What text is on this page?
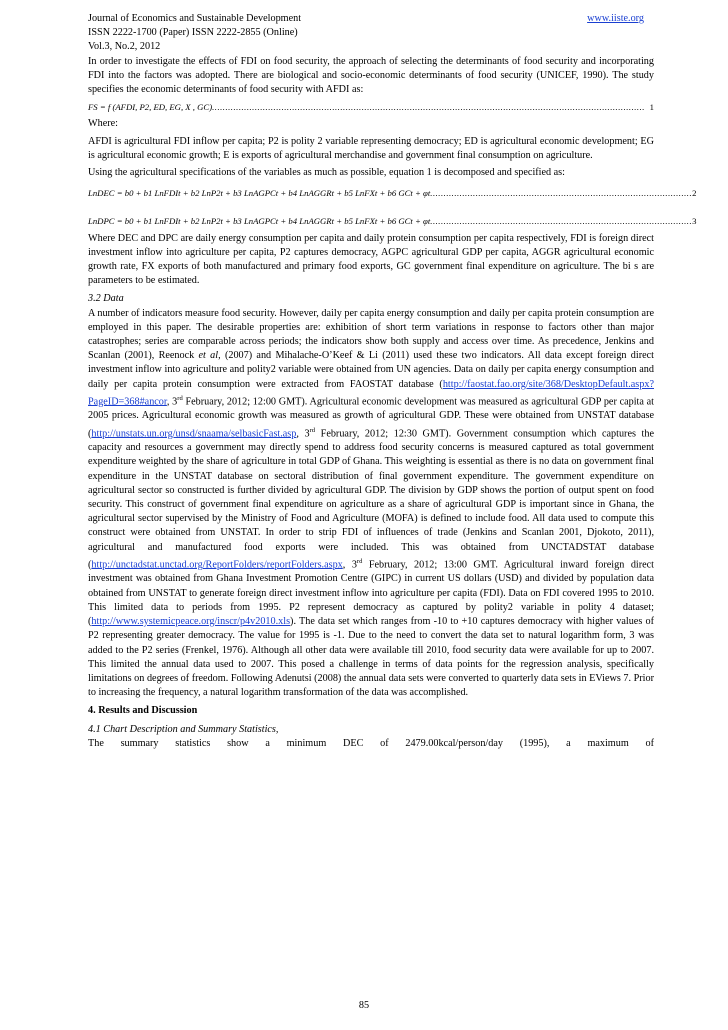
Journal of Economics and Sustainable Development	www.iiste.org
ISSN 2222-1700 (Paper) ISSN 2222-2855 (Online)
Vol.3, No.2, 2012

In order to investigate the effects of FDI on food security, the approach of selecting the determinants of food security and incorporating FDI into the factors was adopted. There are biological and socio-economic determinants of food security (UNICEF, 1990). The study specifies the economic determinants of food security with AFDI as:

FS = f (AFDI, P2, ED, EG, X , GC) .................................................................................................................................................................. 1
Where:

AFDI is agricultural FDI inflow per capita; P2 is polity 2 variable representing democracy; ED is agricultural economic development; EG is agricultural economic growth; E is exports of agricultural merchandise and government final consumption on agriculture.

Using the agricultural specifications of the variables as much as possible, equation 1 is decomposed and specified as:

LnDEC = b0 + b1 LnFDIt + b2 LnP2t + b3 LnAGPCt + b4 LnAGGRt + b5 LnFXt + b6 GCt + φt .................................................................................................. 2
LnDPC = b0 + b1 LnFDIt + b2 LnP2t + b3 LnAGPCt + b4 LnAGGRt + b5 LnFXt + b6 GCt + φt .................................................................................................. 3

Where DEC and DPC are daily energy consumption per capita and daily protein consumption per capita respectively, FDI is foreign direct investment inflow into agriculture per capita, P2 captures democracy, AGPC agricultural GDP per capita, AGGR agricultural economic growth rate, FX exports of both manufactured and primary food exports, GC government final expenditure on agriculture. The bi s are parameters to be estimated.

3.2 Data

A number of indicators measure food security. However, daily per capita energy consumption and daily per capita protein consumption are employed in this paper. The desirable properties are: exhibition of short term variations in response to factors other than major catastrophes; series are comparable across periods; the indicators show both supply and access over time. As precedence, Jenkins and Scanlan (2001), Reenock et al, (2007) and Mihalache-O’Keef & Li (2011) used these two indicators. All data except foreign direct investment inflow into agriculture and polity2 variable were obtained from UN agencies. Data on daily per capita energy consumption and daily per capita protein consumption were extracted from FAOSTAT database (http://faostat.fao.org/site/368/DesktopDefault.aspx?PageID=368#ancor, 3rd February, 2012; 12:00 GMT). Agricultural economic development was measured as agricultural GDP per capita at 2005 prices. Agricultural economic growth was measured as growth of agricultural GDP. These were obtained from UNSTAT database (http://unstats.un.org/unsd/snaama/selbasicFast.asp, 3rd February, 2012; 12:30 GMT). Government consumption which captures the capacity and resources a government may directly spend to address food security concerns is measured captured as total government expenditure weighted by the share of agriculture in total GDP of Ghana. This weighting is essential as there is no data on government final expenditure in the UNSTAT database on sectoral distribution of final government expenditure. The government expenditure on agricultural sector so constructed is further divided by agricultural GDP. The division by GDP shows the portion of output spent on food security. This construct of government final expenditure on agriculture as a share of agricultural GDP is important since in Ghana, the agricultural sector supervised by the Ministry of Food and Agriculture (MOFA) is defined to include food. All data used to compute this construct were obtained from UNSTAT. In order to strip FDI of influences of trade (Jenkins and Scanlan 2001, Djokoto, 2011), agricultural and manufactured food exports were included. This was obtained from UNCTADSTAT database (http://unctadstat.unctad.org/ReportFolders/reportFolders.aspx, 3rd February, 2012; 13:00 GMT. Agricultural inward foreign direct investment was obtained from Ghana Investment Promotion Centre (GIPC) in current US dollars (USD) and divided by population data obtained from UNSTAT to generate foreign direct investment inflow into agriculture per capita (FDI). Data on FDI covered 1995 to 2010. This limited data to periods from 1995. P2 represent democracy as captured by polity2 variable in polity 4 dataset; (http://www.systemicpeace.org/inscr/p4v2010.xls). The data set which ranges from -10 to +10 captures democracy with higher values of P2 representing greater democracy. The value for 1995 is -1. Due to the need to convert the data set to natural logarithm form, 3 was added to the P2 series (Frenkel, 1976). Although all other data were available till 2010, food security data were available for up to 2007. This limited the annual data used to 2007. This posed a challenge in terms of data points for the regression analysis, specifically limitations on degrees of freedom. Following Adenutsi (2008) the annual data sets were converted to quarterly data sets in EViews 7. Prior to increasing the frequency, a natural logarithm transformation of the data was accomplished.

4. Results and Discussion
4.1 Chart Description and Summary Statistics,

The summary statistics show a minimum DEC of 2479.00kcal/person/day (1995), a maximum of

85
